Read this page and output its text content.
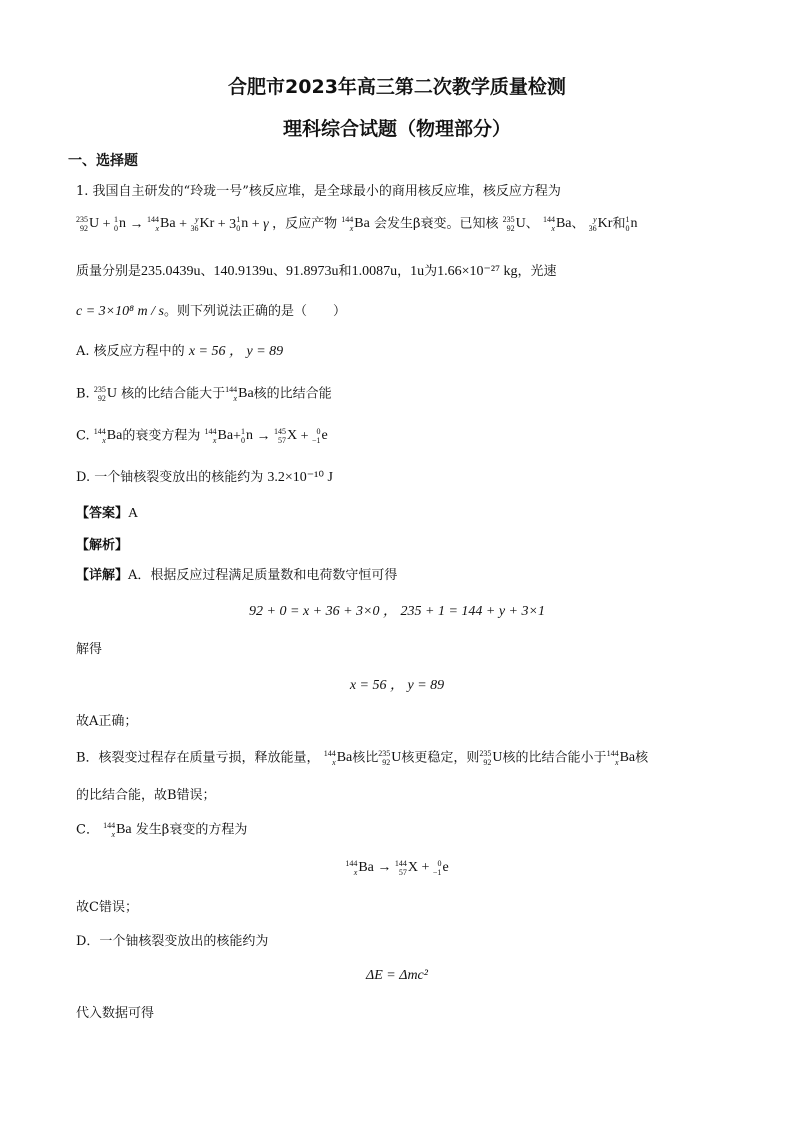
合肥市2023年高三第二次教学质量检测
理科综合试题（物理部分）
一、选择题
1. 我国自主研发的“玲珑一号”核反应堆，是全球最小的商用核反应堆，核反应方程为
235
92 U + 1
0 n → 144
x Ba + y
36 Kr + 3 1
0 n + γ ，反应产物 144
x Ba 会发生β衰变。已知核 235
92 U 、 144
x Ba 、 y
36 Kr 和 1
0 n
质量分别是235.0439u、140.9139u、91.8973u和1.0087u，1u为1.66×10⁻²⁷ kg，光速
c = 3×10⁸ m / s。则下列说法正确的是（　　）
A. 核反应方程中的 x = 56 ， y = 89
B. 235
92 U 核的比结合能大于 144
x Ba 核的比结合能
C. 144
x Ba 的衰变方程为 144
x Ba + 1
0 n → 145
57 X + 0
−1 e
D. 一个铀核裂变放出的核能约为 3.2×10⁻¹⁰ J
【答案】A
【解析】
【详解】A．根据反应过程满足质量数和电荷数守恒可得
92 + 0 = x + 36 + 3×0 ， 235 + 1 = 144 + y + 3×1
解得
x = 56 ， y = 89
故A正确；
B．核裂变过程存在质量亏损，释放能量， 144
x Ba 核比 235
92 U 核更稳定，则 235
92 U 核的比结合能小于 144
x Ba 核
的比结合能，故B错误；
C． 144
x Ba 发生β衰变的方程为
144
x Ba → 144
57 X + 0
−1 e
故C错误；
D．一个铀核裂变放出的核能约为
ΔE = Δmc²
代入数据可得
